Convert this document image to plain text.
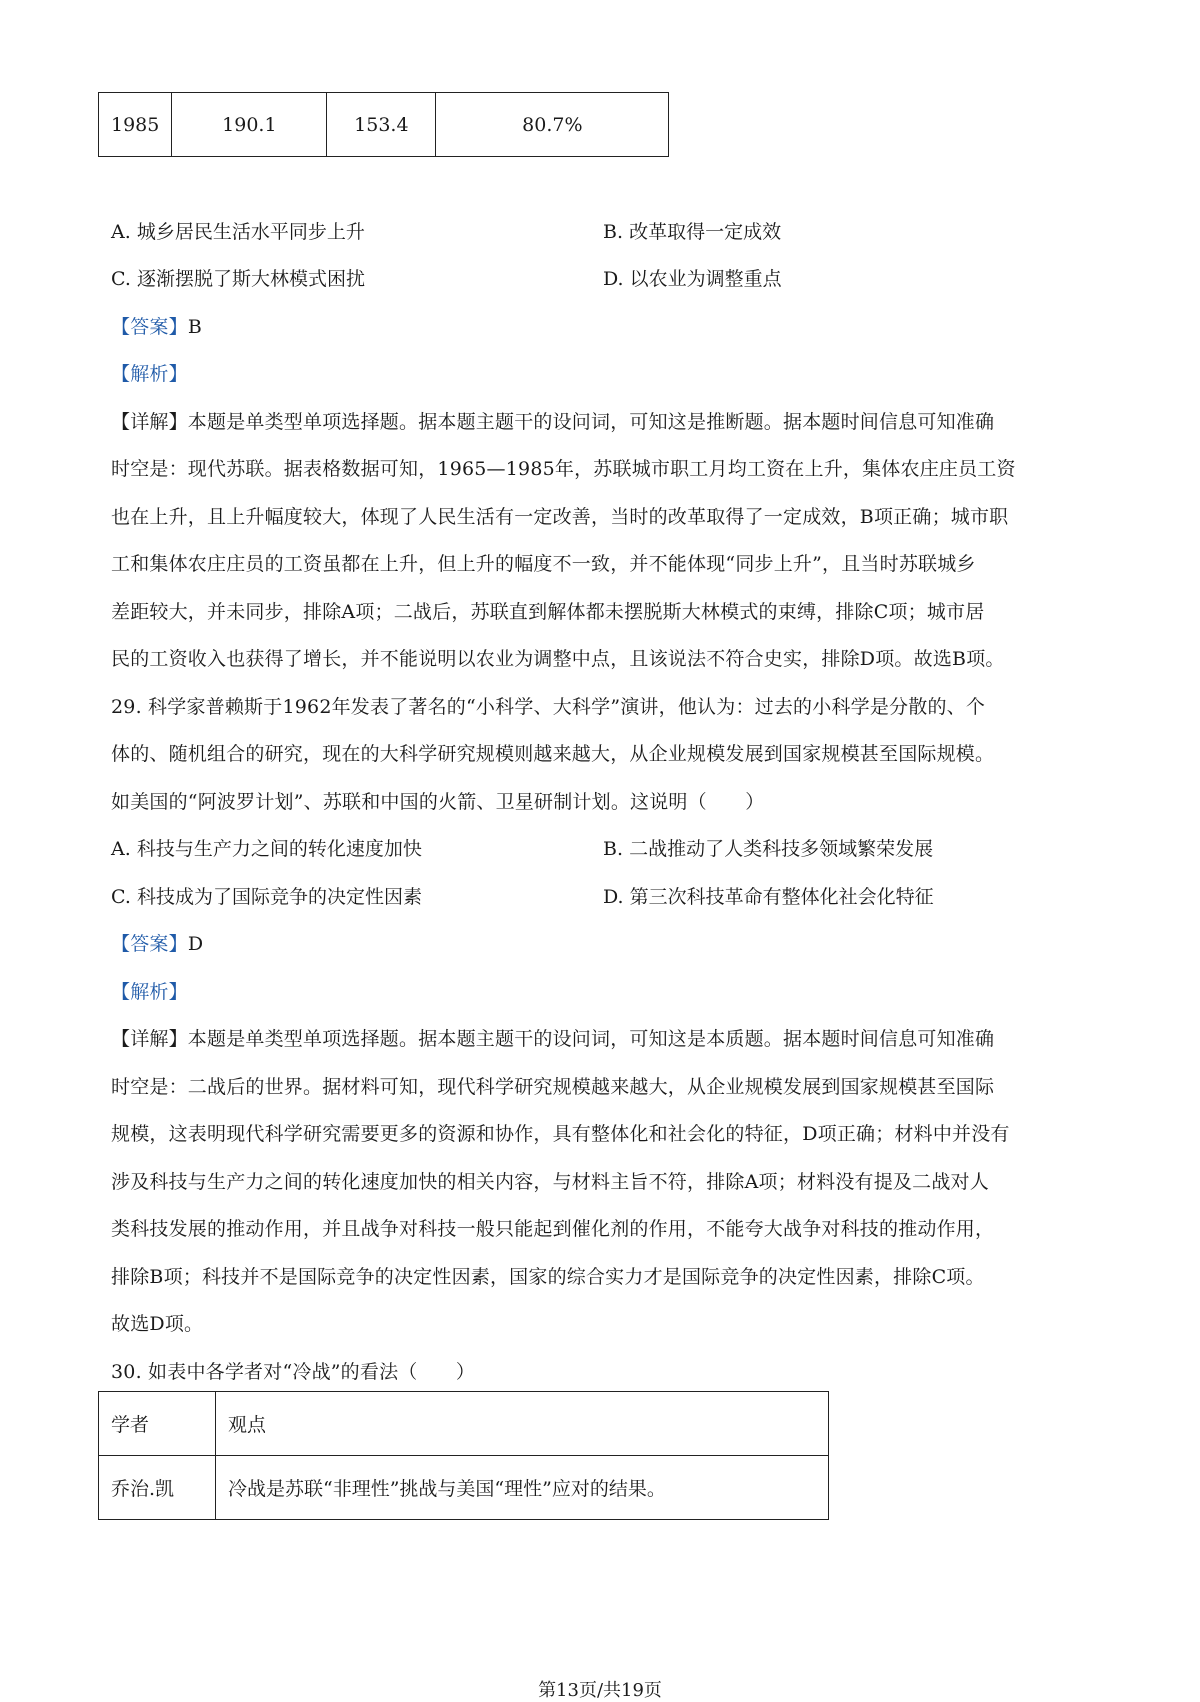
1985	190.1	153.4	80.7%
A. 城乡居民生活水平同步上升	B. 改革取得一定成效
C. 逐渐摆脱了斯大林模式困扰	D. 以农业为调整重点
【答案】B
【解析】
【详解】本题是单类型单项选择题。据本题主题干的设问词，可知这是推断题。据本题时间信息可知准确
时空是：现代苏联。据表格数据可知，1965—1985年，苏联城市职工月均工资在上升，集体农庄庄员工资
也在上升，且上升幅度较大，体现了人民生活有一定改善，当时的改革取得了一定成效，B项正确；城市职
工和集体农庄庄员的工资虽都在上升，但上升的幅度不一致，并不能体现“同步上升”，且当时苏联城乡
差距较大，并未同步，排除A项；二战后，苏联直到解体都未摆脱斯大林模式的束缚，排除C项；城市居
民的工资收入也获得了增长，并不能说明以农业为调整中点，且该说法不符合史实，排除D项。故选B项。
29. 科学家普赖斯于1962年发表了著名的“小科学、大科学”演讲，他认为：过去的小科学是分散的、个
体的、随机组合的研究，现在的大科学研究规模则越来越大，从企业规模发展到国家规模甚至国际规模。
如美国的“阿波罗计划”、苏联和中国的火箭、卫星研制计划。这说明（　　）
A. 科技与生产力之间的转化速度加快	B. 二战推动了人类科技多领域繁荣发展
C. 科技成为了国际竞争的决定性因素	D. 第三次科技革命有整体化社会化特征
【答案】D
【解析】
【详解】本题是单类型单项选择题。据本题主题干的设问词，可知这是本质题。据本题时间信息可知准确
时空是：二战后的世界。据材料可知，现代科学研究规模越来越大，从企业规模发展到国家规模甚至国际
规模，这表明现代科学研究需要更多的资源和协作，具有整体化和社会化的特征，D项正确；材料中并没有
涉及科技与生产力之间的转化速度加快的相关内容，与材料主旨不符，排除A项；材料没有提及二战对人
类科技发展的推动作用，并且战争对科技一般只能起到催化剂的作用，不能夸大战争对科技的推动作用，
排除B项；科技并不是国际竞争的决定性因素，国家的综合实力才是国际竞争的决定性因素，排除C项。
故选D项。
30. 如表中各学者对“冷战”的看法（　　）
学者	观点
乔治.凯	冷战是苏联“非理性”挑战与美国“理性”应对的结果。
第13页/共19页
